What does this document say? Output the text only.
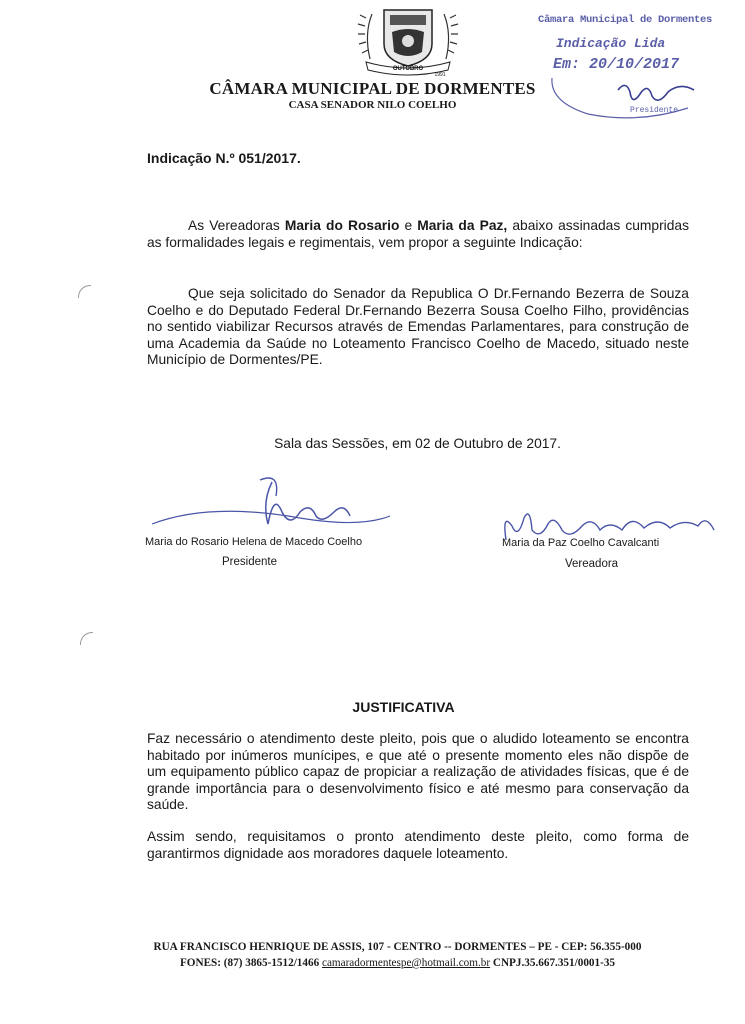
OUTUBRO
1991
CÂMARA MUNICIPAL DE DORMENTES
CASA SENADOR NILO COELHO
Câmara Municipal de Dormentes
Indicação Lida
Em: 20/10/2017
Presidente
Indicação N.º 051/2017.
As Vereadoras Maria do Rosario e Maria da Paz, abaixo assinadas cumpridas as formalidades legais e regimentais, vem propor a seguinte Indicação:
Que seja solicitado do Senador da Republica O Dr.Fernando Bezerra de Souza Coelho e do Deputado Federal Dr.Fernando Bezerra Sousa Coelho Filho, providências no sentido viabilizar Recursos através de Emendas Parlamentares, para construção de uma Academia da Saúde no Loteamento Francisco Coelho de Macedo, situado neste Município de Dormentes/PE.
Sala das Sessões, em 02 de Outubro de 2017.
Maria do Rosario Helena de Macedo Coelho
Presidente
Maria da Paz Coelho Cavalcanti
Vereadora
JUSTIFICATIVA
Faz necessário o atendimento deste pleito, pois que o aludido loteamento se encontra habitado por inúmeros munícipes, e que até o presente momento eles não dispõe de um equipamento público capaz de propiciar a realização de atividades físicas, que é de grande importância para o desenvolvimento físico e até mesmo para conservação da saúde.
Assim sendo, requisitamos o pronto atendimento deste pleito, como forma de garantirmos dignidade aos moradores daquele loteamento.
RUA FRANCISCO HENRIQUE DE ASSIS, 107 - CENTRO -- DORMENTES – PE - CEP: 56.355-000
FONES: (87) 3865-1512/1466 camaradormentespe@hotmail.com.br CNPJ.35.667.351/0001-35
